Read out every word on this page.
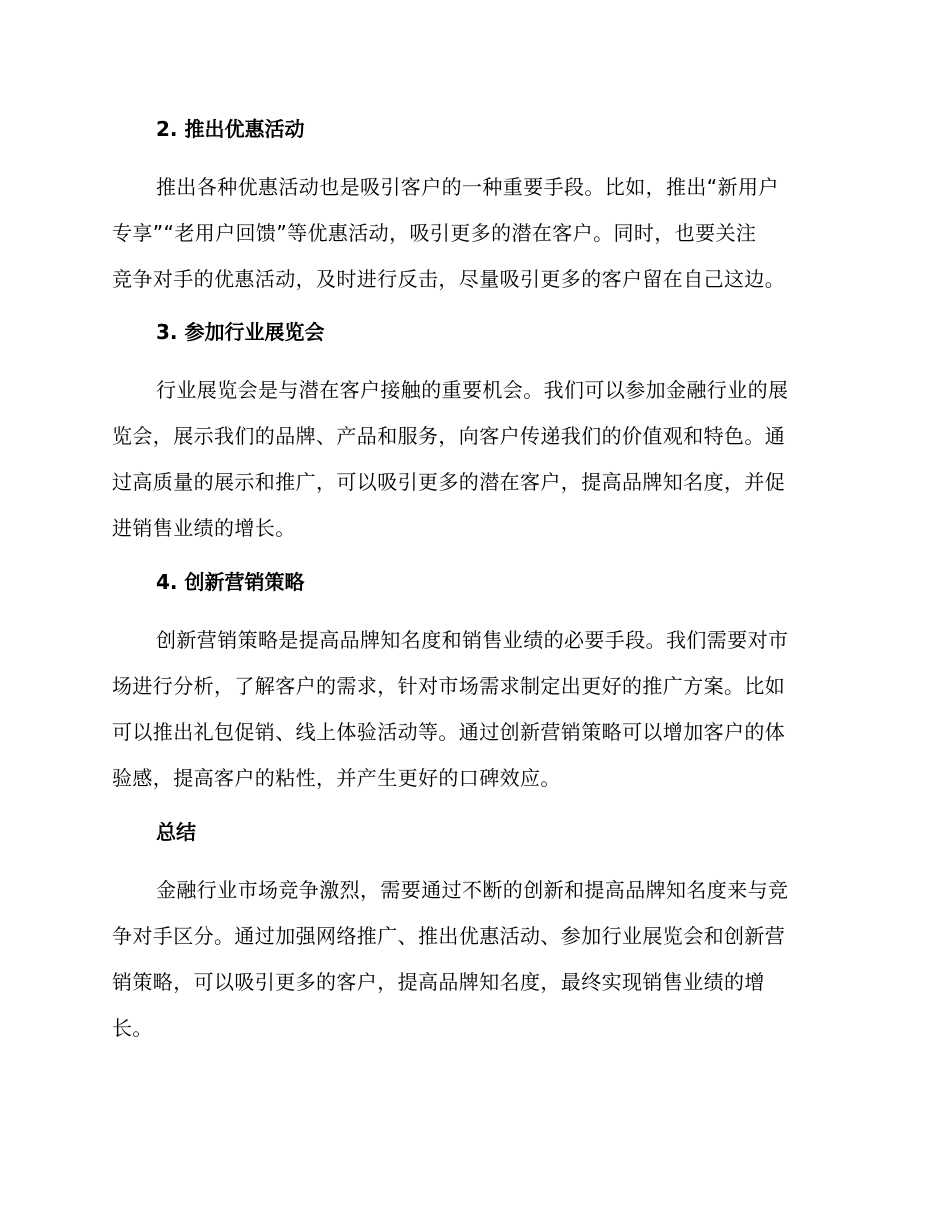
2. 推出优惠活动

推出各种优惠活动也是吸引客户的一种重要手段。比如，推出“新用户
专享”“老用户回馈”等优惠活动，吸引更多的潜在客户。同时，也要关注
竞争对手的优惠活动，及时进行反击，尽量吸引更多的客户留在自己这边。

3. 参加行业展览会

行业展览会是与潜在客户接触的重要机会。我们可以参加金融行业的展
览会，展示我们的品牌、产品和服务，向客户传递我们的价值观和特色。通
过高质量的展示和推广，可以吸引更多的潜在客户，提高品牌知名度，并促
进销售业绩的增长。

4. 创新营销策略

创新营销策略是提高品牌知名度和销售业绩的必要手段。我们需要对市
场进行分析，了解客户的需求，针对市场需求制定出更好的推广方案。比如
可以推出礼包促销、线上体验活动等。通过创新营销策略可以增加客户的体
验感，提高客户的粘性，并产生更好的口碑效应。

总结

金融行业市场竞争激烈，需要通过不断的创新和提高品牌知名度来与竞
争对手区分。通过加强网络推广、推出优惠活动、参加行业展览会和创新营
销策略，可以吸引更多的客户，提高品牌知名度，最终实现销售业绩的增
长。
